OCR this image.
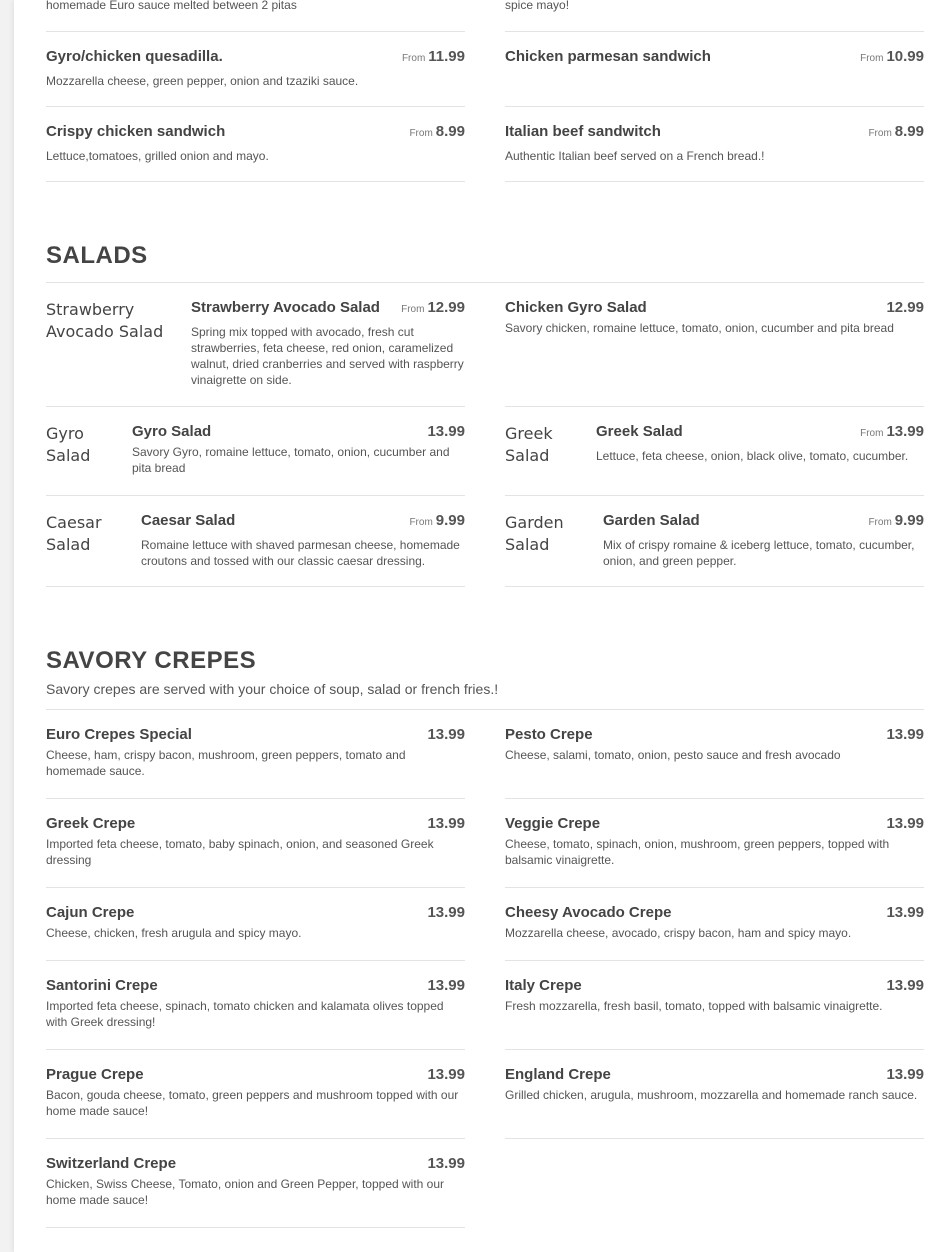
homemade Euro sauce melted between 2 pitas	spice mayo!
Gyro/chicken quesadilla.	From 11.99
Mozzarella cheese, green pepper, onion and tzaziki sauce.
Chicken parmesan sandwich	From 10.99
Crispy chicken sandwich	From 8.99
Lettuce,tomatoes, grilled onion and mayo.
Italian beef sandwitch	From 8.99
Authentic Italian beef served on a French bread.!
SALADS
Strawberry Avocado Salad
Strawberry Avocado Salad From 12.99
Spring mix topped with avocado, fresh cut strawberries, feta cheese, red onion, caramelized walnut, dried cranberries and served with raspberry vinaigrette on side.
Chicken Gyro Salad	12.99
Savory chicken, romaine lettuce, tomato, onion, cucumber and pita bread
Gyro Salad
Gyro Salad	13.99
Savory Gyro, romaine lettuce, tomato, onion, cucumber and pita bread
Greek Salad
Greek Salad	From 13.99
Lettuce, feta cheese, onion, black olive, tomato, cucumber.
Caesar Salad
Caesar Salad	From 9.99
Romaine lettuce with shaved parmesan cheese, homemade croutons and tossed with our classic caesar dressing.
Garden Salad
Garden Salad	From 9.99
Mix of crispy romaine & iceberg lettuce, tomato, cucumber, onion, and green pepper.
SAVORY CREPES
Savory crepes are served with your choice of soup, salad or french fries.!
Euro Crepes Special	13.99
Cheese, ham, crispy bacon, mushroom, green peppers, tomato and homemade sauce.
Pesto Crepe	13.99
Cheese, salami, tomato, onion, pesto sauce and fresh avocado
Greek Crepe	13.99
Imported feta cheese, tomato, baby spinach, onion, and seasoned Greek dressing
Veggie Crepe	13.99
Cheese, tomato, spinach, onion, mushroom, green peppers, topped with balsamic vinaigrette.
Cajun Crepe	13.99
Cheese, chicken, fresh arugula and spicy mayo.
Cheesy Avocado Crepe	13.99
Mozzarella cheese, avocado, crispy bacon, ham and spicy mayo.
Santorini Crepe	13.99
Imported feta cheese, spinach, tomato chicken and kalamata olives topped with Greek dressing!
Italy Crepe	13.99
Fresh mozzarella, fresh basil, tomato, topped with balsamic vinaigrette.
Prague Crepe	13.99
Bacon, gouda cheese, tomato, green peppers and mushroom topped with our home made sauce!
England Crepe	13.99
Grilled chicken, arugula, mushroom, mozzarella and homemade ranch sauce.
Switzerland Crepe	13.99
Chicken, Swiss Cheese, Tomato, onion and Green Pepper, topped with our home made sauce!
